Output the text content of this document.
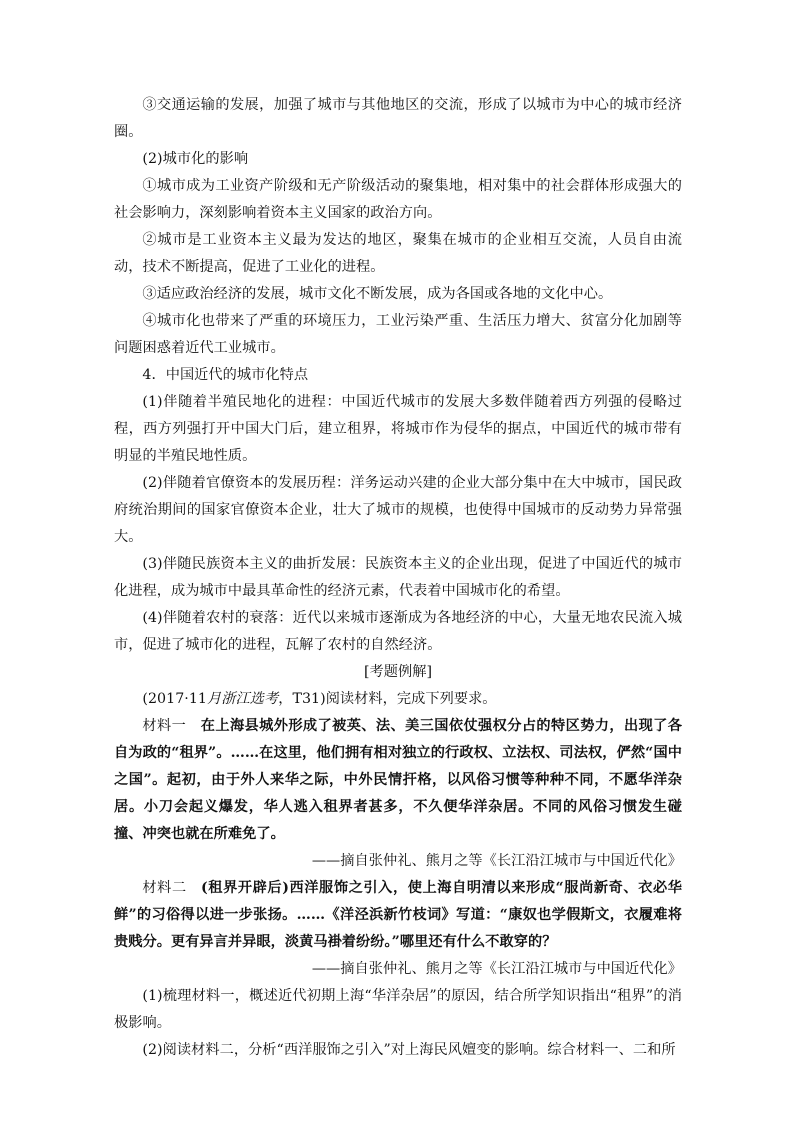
③交通运输的发展，加强了城市与其他地区的交流，形成了以城市为中心的城市经济圈。

(2)城市化的影响

①城市成为工业资产阶级和无产阶级活动的聚集地，相对集中的社会群体形成强大的社会影响力，深刻影响着资本主义国家的政治方向。

②城市是工业资本主义最为发达的地区，聚集在城市的企业相互交流，人员自由流动，技术不断提高，促进了工业化的进程。

③适应政治经济的发展，城市文化不断发展，成为各国或各地的文化中心。

④城市化也带来了严重的环境压力，工业污染严重、生活压力增大、贫富分化加剧等问题困惑着近代工业城市。

4．中国近代的城市化特点

(1)伴随着半殖民地化的进程：中国近代城市的发展大多数伴随着西方列强的侵略过程，西方列强打开中国大门后，建立租界，将城市作为侵华的据点，中国近代的城市带有明显的半殖民地性质。

(2)伴随着官僚资本的发展历程：洋务运动兴建的企业大部分集中在大中城市，国民政府统治期间的国家官僚资本企业，壮大了城市的规模，也使得中国城市的反动势力异常强大。

(3)伴随民族资本主义的曲折发展：民族资本主义的企业出现，促进了中国近代的城市化进程，成为城市中最具革命性的经济元素，代表着中国城市化的希望。

(4)伴随着农村的衰落：近代以来城市逐渐成为各地经济的中心，大量无地农民流入城市，促进了城市化的进程，瓦解了农村的自然经济。

[考题例解]

(2017·11月浙江选考，T31)阅读材料，完成下列要求。

材料一  在上海县城外形成了被英、法、美三国依仗强权分占的特区势力，出现了各自为政的“租界”。……在这里，他们拥有相对独立的行政权、立法权、司法权，俨然“国中之国”。起初，由于外人来华之际，中外民情扞格，以风俗习惯等种种不同，不愿华洋杂居。小刀会起义爆发，华人逃入租界者甚多，不久便华洋杂居。不同的风俗习惯发生碰撞、冲突也就在所难免了。

——摘自张仲礼、熊月之等《长江沿江城市与中国近代化》

材料二  (租界开辟后)西洋服饰之引入，使上海自明清以来形成“服尚新奇、衣必华鲜”的习俗得以进一步张扬。……《洋泾浜新竹枝词》写道：“康奴也学假斯文，衣履难将贵贱分。更有异言并异眼，淡黄马褂着纷纷。”哪里还有什么不敢穿的？

——摘自张仲礼、熊月之等《长江沿江城市与中国近代化》

(1)梳理材料一，概述近代初期上海“华洋杂居”的原因，结合所学知识指出“租界”的消极影响。

(2)阅读材料二，分析“西洋服饰之引入”对上海民风嬗变的影响。综合材料一、二和所
